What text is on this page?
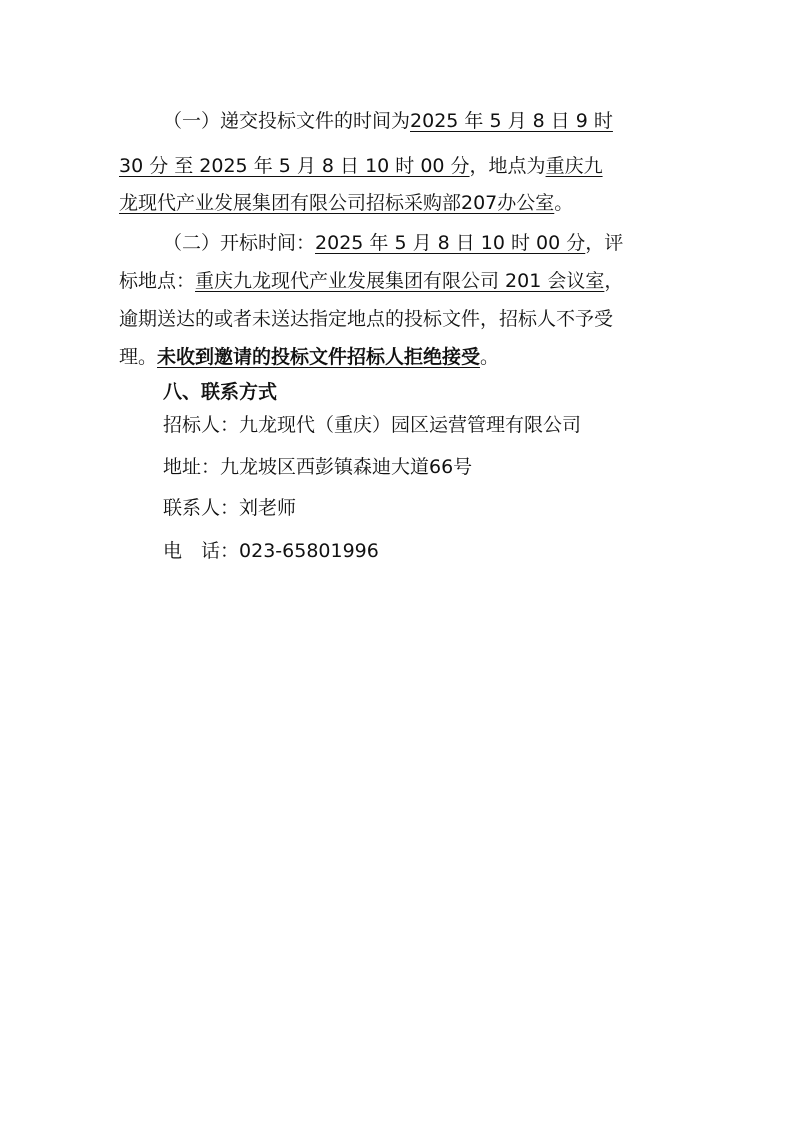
（一）递交投标文件的时间为2025 年 5 月 8 日 9 时
30 分 至 2025 年 5 月 8 日 10 时 00 分，地点为重庆九
龙现代产业发展集团有限公司招标采购部207办公室。
（二）开标时间：2025 年 5 月 8 日 10 时 00 分，评
标地点：重庆九龙现代产业发展集团有限公司 201 会议室，
逾期送达的或者未送达指定地点的投标文件，招标人不予受
理。未收到邀请的投标文件招标人拒绝接受。
八、联系方式
招标人：九龙现代（重庆）园区运营管理有限公司
地址：九龙坡区西彭镇森迪大道66号
联系人：刘老师
电　话：023-65801996
